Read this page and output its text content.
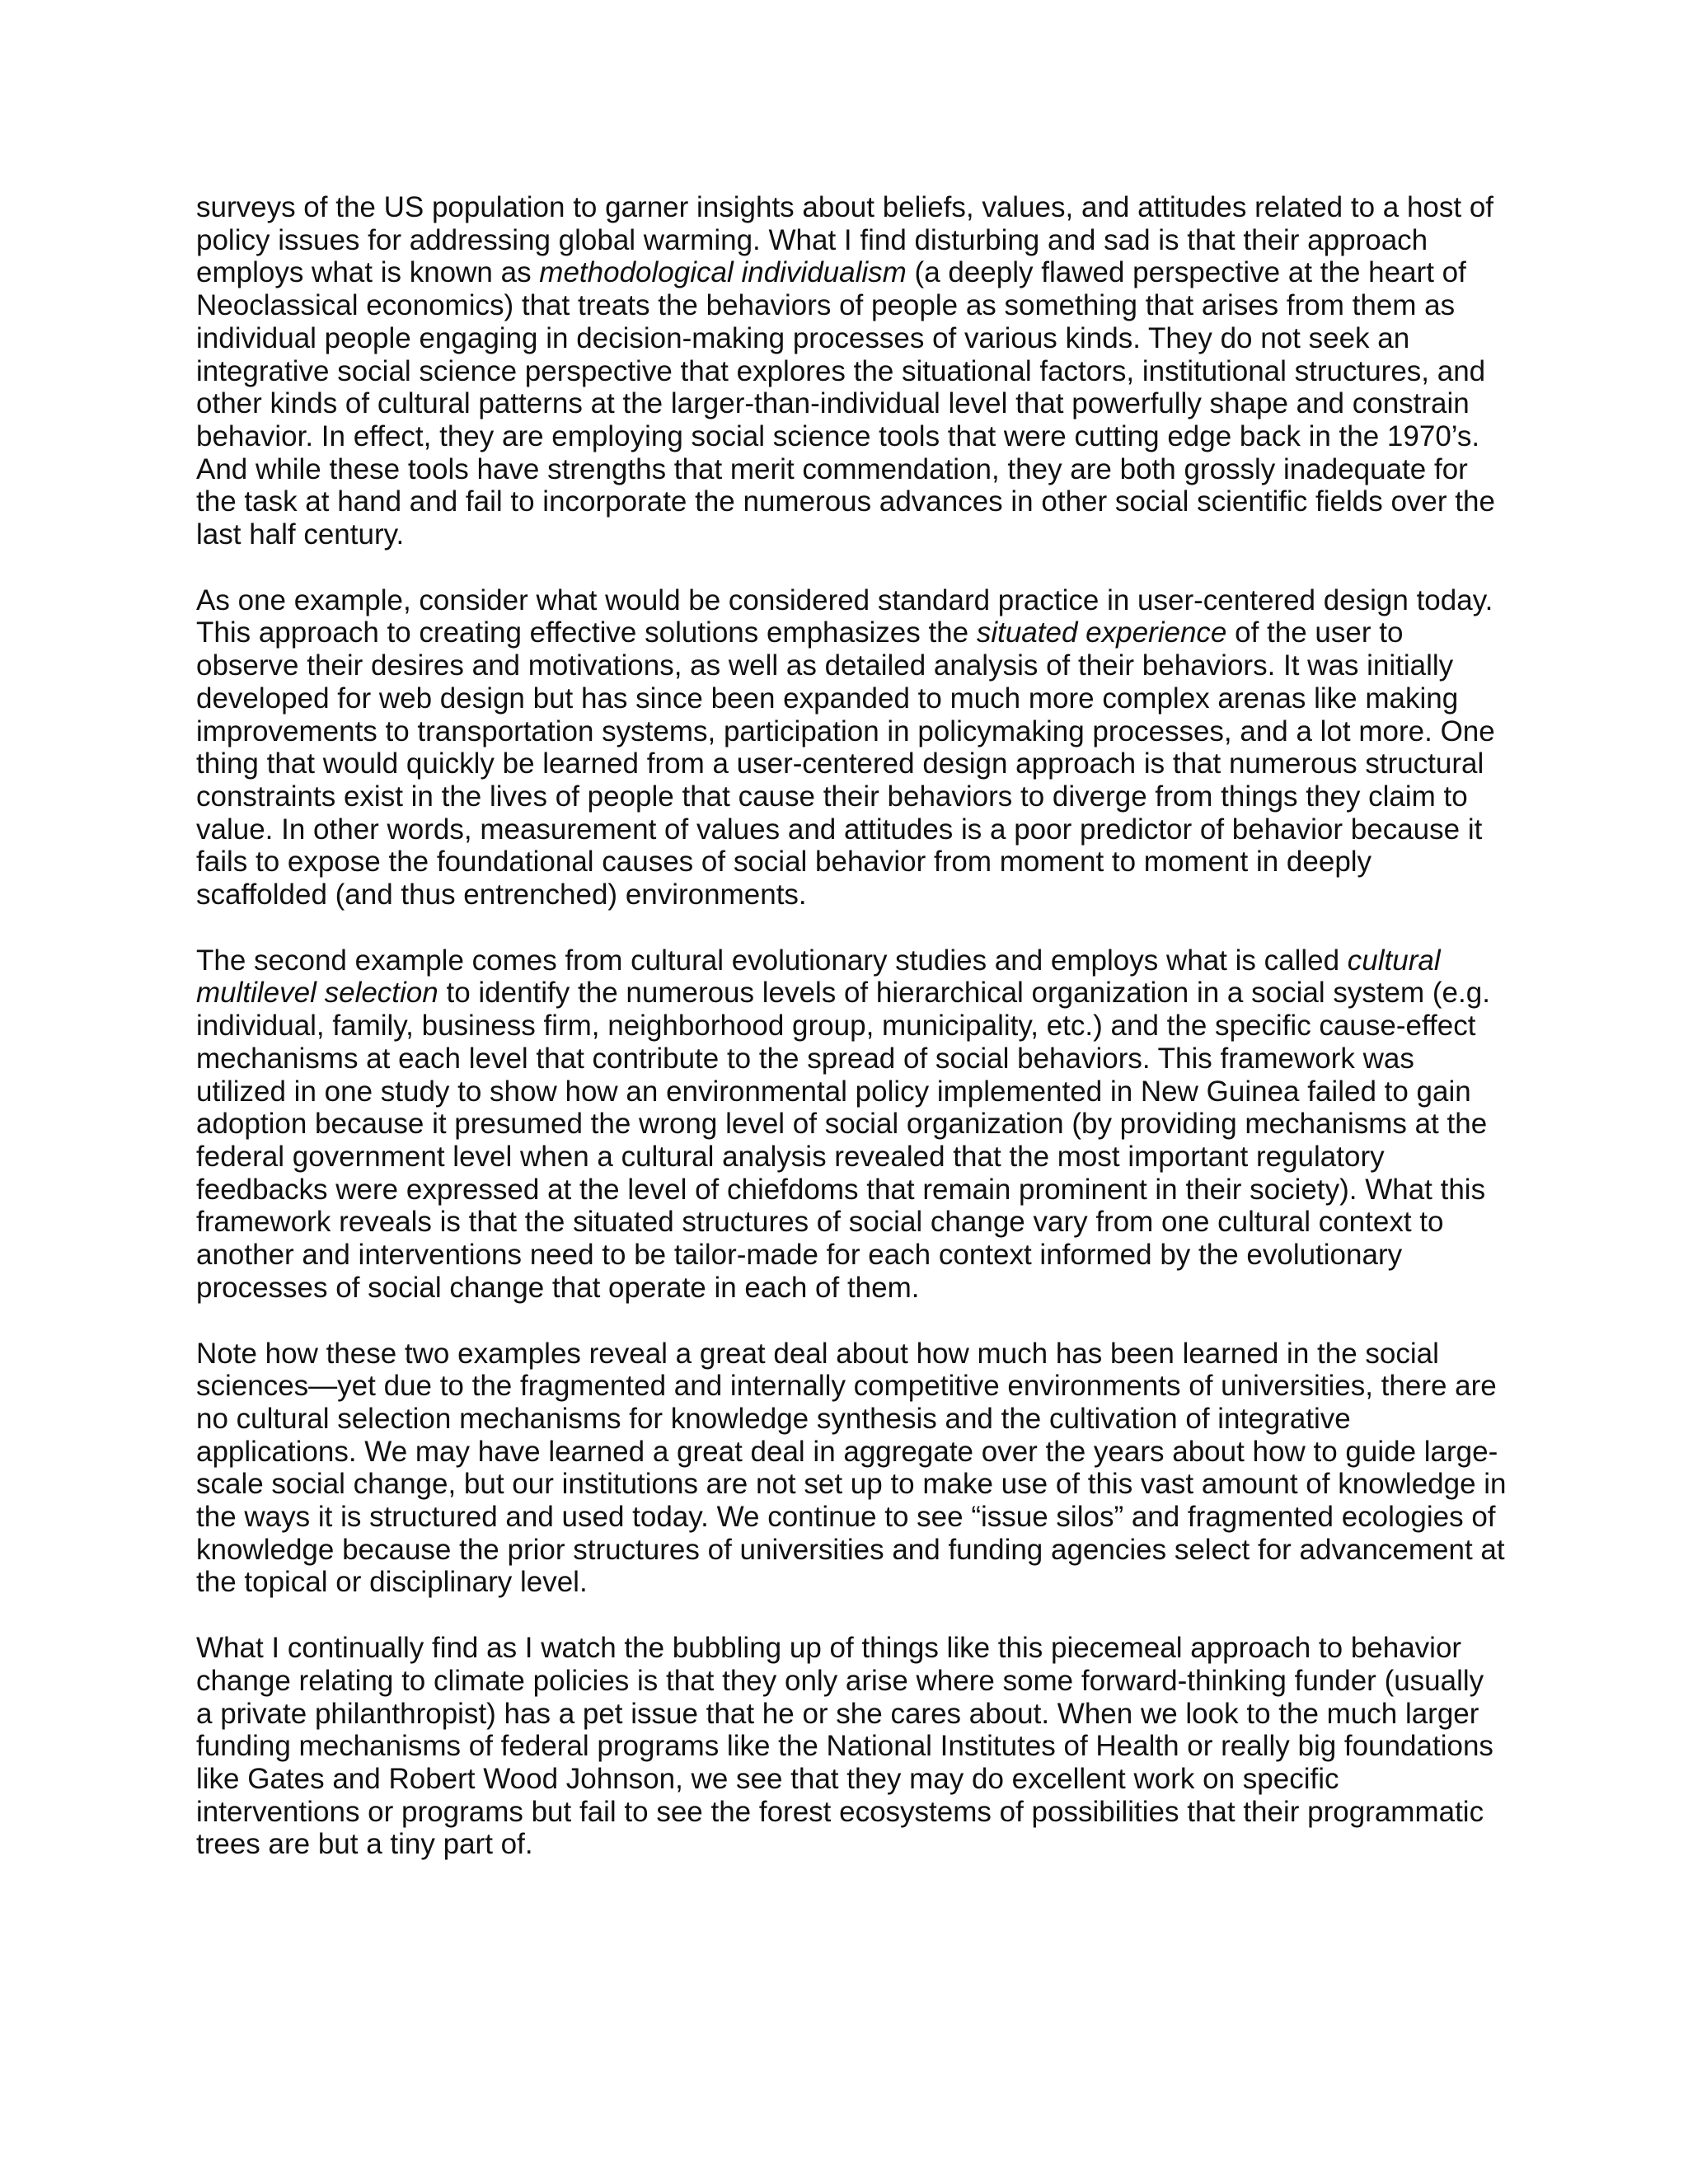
surveys of the US population to garner insights about beliefs, values, and attitudes related to a host of policy issues for addressing global warming. What I find disturbing and sad is that their approach employs what is known as methodological individualism (a deeply flawed perspective at the heart of Neoclassical economics) that treats the behaviors of people as something that arises from them as individual people engaging in decision-making processes of various kinds. They do not seek an integrative social science perspective that explores the situational factors, institutional structures, and other kinds of cultural patterns at the larger-than-individual level that powerfully shape and constrain behavior. In effect, they are employing social science tools that were cutting edge back in the 1970’s. And while these tools have strengths that merit commendation, they are both grossly inadequate for the task at hand and fail to incorporate the numerous advances in other social scientific fields over the last half century.

As one example, consider what would be considered standard practice in user-centered design today. This approach to creating effective solutions emphasizes the situated experience of the user to observe their desires and motivations, as well as detailed analysis of their behaviors. It was initially developed for web design but has since been expanded to much more complex arenas like making improvements to transportation systems, participation in policymaking processes, and a lot more. One thing that would quickly be learned from a user-centered design approach is that numerous structural constraints exist in the lives of people that cause their behaviors to diverge from things they claim to value. In other words, measurement of values and attitudes is a poor predictor of behavior because it fails to expose the foundational causes of social behavior from moment to moment in deeply scaffolded (and thus entrenched) environments.

The second example comes from cultural evolutionary studies and employs what is called cultural multilevel selection to identify the numerous levels of hierarchical organization in a social system (e.g. individual, family, business firm, neighborhood group, municipality, etc.) and the specific cause-effect mechanisms at each level that contribute to the spread of social behaviors. This framework was utilized in one study to show how an environmental policy implemented in New Guinea failed to gain adoption because it presumed the wrong level of social organization (by providing mechanisms at the federal government level when a cultural analysis revealed that the most important regulatory feedbacks were expressed at the level of chiefdoms that remain prominent in their society). What this framework reveals is that the situated structures of social change vary from one cultural context to another and interventions need to be tailor-made for each context informed by the evolutionary processes of social change that operate in each of them.

Note how these two examples reveal a great deal about how much has been learned in the social sciences—yet due to the fragmented and internally competitive environments of universities, there are no cultural selection mechanisms for knowledge synthesis and the cultivation of integrative applications. We may have learned a great deal in aggregate over the years about how to guide large-scale social change, but our institutions are not set up to make use of this vast amount of knowledge in the ways it is structured and used today. We continue to see “issue silos” and fragmented ecologies of knowledge because the prior structures of universities and funding agencies select for advancement at the topical or disciplinary level.

What I continually find as I watch the bubbling up of things like this piecemeal approach to behavior change relating to climate policies is that they only arise where some forward-thinking funder (usually a private philanthropist) has a pet issue that he or she cares about. When we look to the much larger funding mechanisms of federal programs like the National Institutes of Health or really big foundations like Gates and Robert Wood Johnson, we see that they may do excellent work on specific interventions or programs but fail to see the forest ecosystems of possibilities that their programmatic trees are but a tiny part of.
